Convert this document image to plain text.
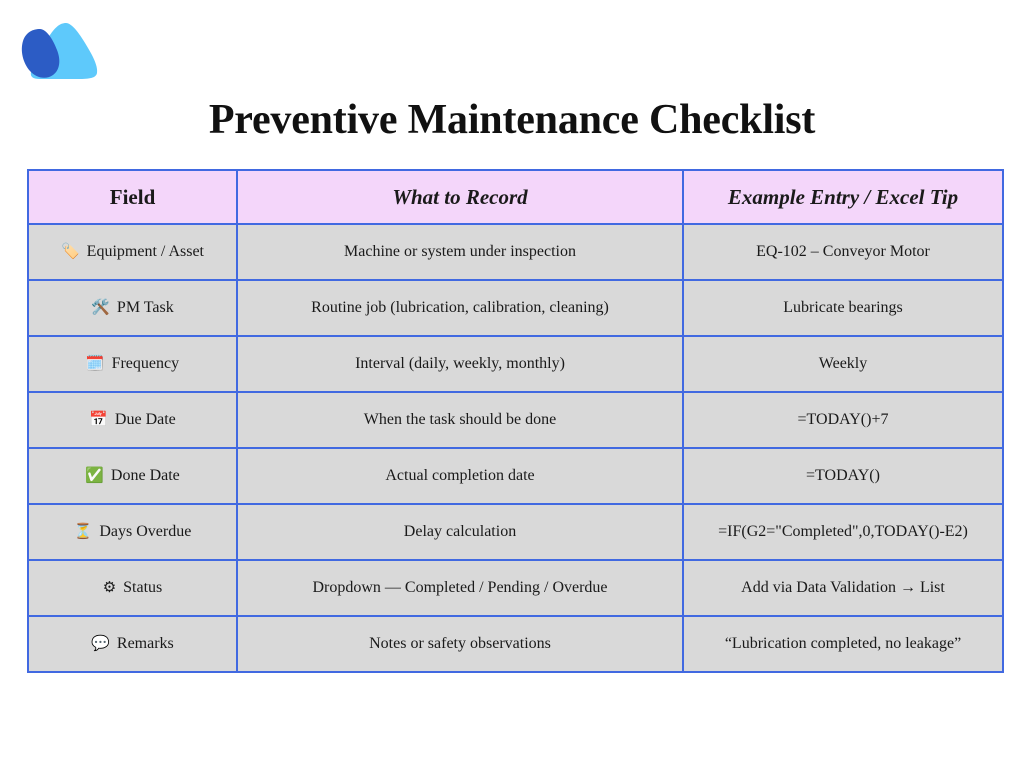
Preventive Maintenance Checklist
Field	What to Record	Example Entry / Excel Tip

🏷️ Equipment / Asset	Machine or system under inspection	EQ-102 – Conveyor Motor

🛠️ PM Task	Routine job (lubrication, calibration, cleaning)	Lubricate bearings

🗓️ Frequency	Interval (daily, weekly, monthly)	Weekly

📅 Due Date	When the task should be done	=TODAY()+7

✅ Done Date	Actual completion date	=TODAY()

⏳ Days Overdue	Delay calculation	=IF(G2="Completed",0,TODAY()-E2)

⚙ Status	Dropdown — Completed / Pending / Overdue	Add via Data Validation → List

💬 Remarks	Notes or safety observations	“Lubrication completed, no leakage”
